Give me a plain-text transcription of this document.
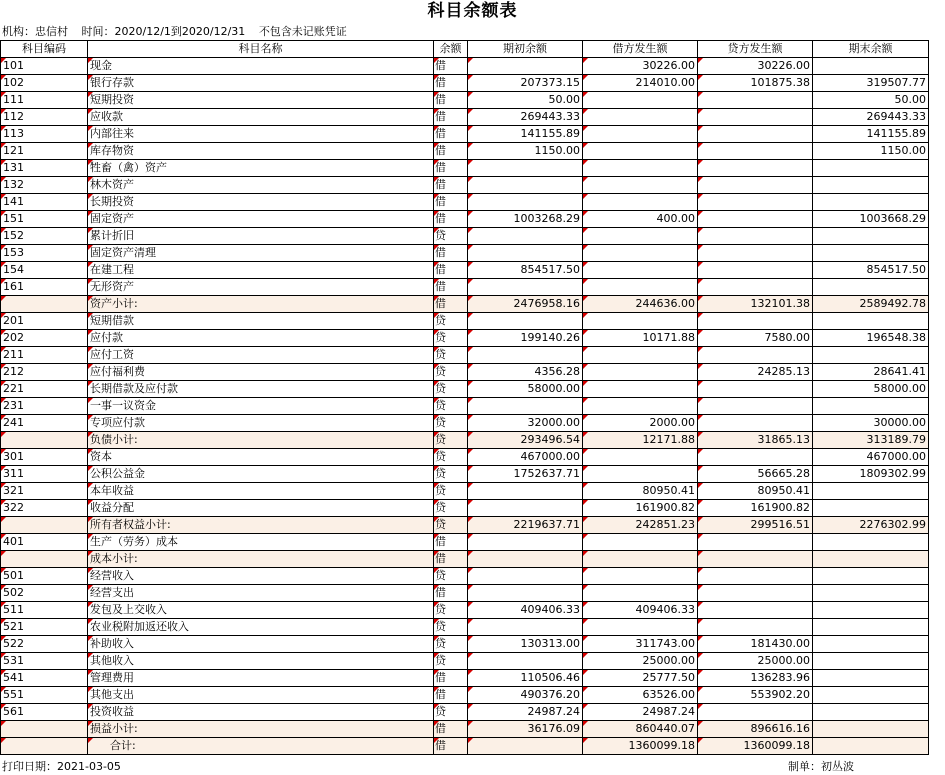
科目余额表
机构：忠信村 时间：2020/12/1到2020/12/31 不包含未记账凭证
科目编码	科目名称	余额	期初余额	借方发生额	贷方发生额	期末余额
101	现金	借		30226.00	30226.00	
102	银行存款	借	207373.15	214010.00	101875.38	319507.77
111	短期投资	借	50.00			50.00
112	应收款	借	269443.33			269443.33
113	内部往来	借	141155.89			141155.89
121	库存物资	借	1150.00			1150.00
131	牲畜（禽）资产	借				
132	林木资产	借				
141	长期投资	借				
151	固定资产	借	1003268.29	400.00		1003668.29
152	累计折旧	贷				
153	固定资产清理	借				
154	在建工程	借	854517.50			854517.50
161	无形资产	借				
	资产小计:	借	2476958.16	244636.00	132101.38	2589492.78
201	短期借款	贷				
202	应付款	贷	199140.26	10171.88	7580.00	196548.38
211	应付工资	贷				
212	应付福利费	贷	4356.28		24285.13	28641.41
221	长期借款及应付款	贷	58000.00			58000.00
231	一事一议资金	贷				
241	专项应付款	贷	32000.00	2000.00		30000.00
	负债小计:	贷	293496.54	12171.88	31865.13	313189.79
301	资本	贷	467000.00			467000.00
311	公积公益金	贷	1752637.71		56665.28	1809302.99
321	本年收益	贷		80950.41	80950.41	
322	收益分配	贷		161900.82	161900.82	
	所有者权益小计:	贷	2219637.71	242851.23	299516.51	2276302.99
401	生产（劳务）成本	借				
	成本小计:	借				
501	经营收入	贷				
502	经营支出	借				
511	发包及上交收入	贷	409406.33	409406.33		
521	农业税附加返还收入	贷				
522	补助收入	贷	130313.00	311743.00	181430.00	
531	其他收入	贷		25000.00	25000.00	
541	管理费用	借	110506.46	25777.50	136283.96	
551	其他支出	借	490376.20	63526.00	553902.20	
561	投资收益	贷	24987.24	24987.24		
	损益小计:	借	36176.09	860440.07	896616.16	
	合计:	借		1360099.18	1360099.18	
打印日期：2021-03-05	制单：初丛波
